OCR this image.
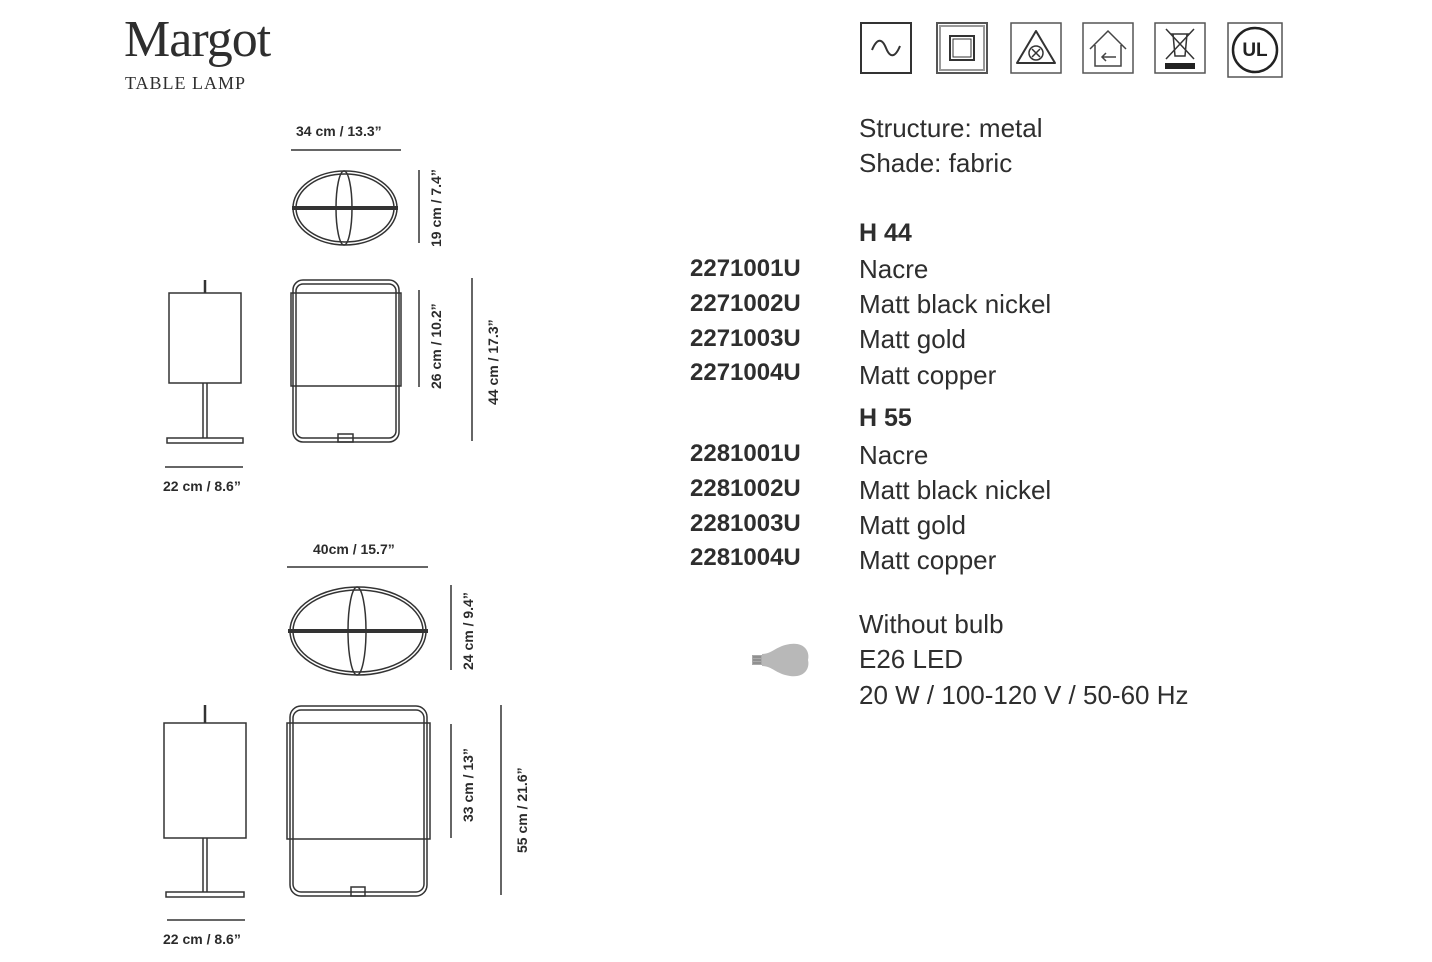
Margot
TABLE LAMP
UL
Structure: metal
Shade: fabric
H 44
2271001U Nacre
2271002U Matt black nickel
2271003U Matt gold
2271004U Matt copper
H 55
2281001U Nacre
2281002U Matt black nickel
2281003U Matt gold
2281004U Matt copper
Without bulb
E26 LED
20 W / 100-120 V / 50-60 Hz
34 cm / 13.3”
19 cm / 7.4”
26 cm / 10.2”	44 cm / 17.3”
22 cm / 8.6”
40cm / 15.7”
24 cm / 9.4”
33 cm / 13”	55 cm / 21.6”
22 cm / 8.6”
